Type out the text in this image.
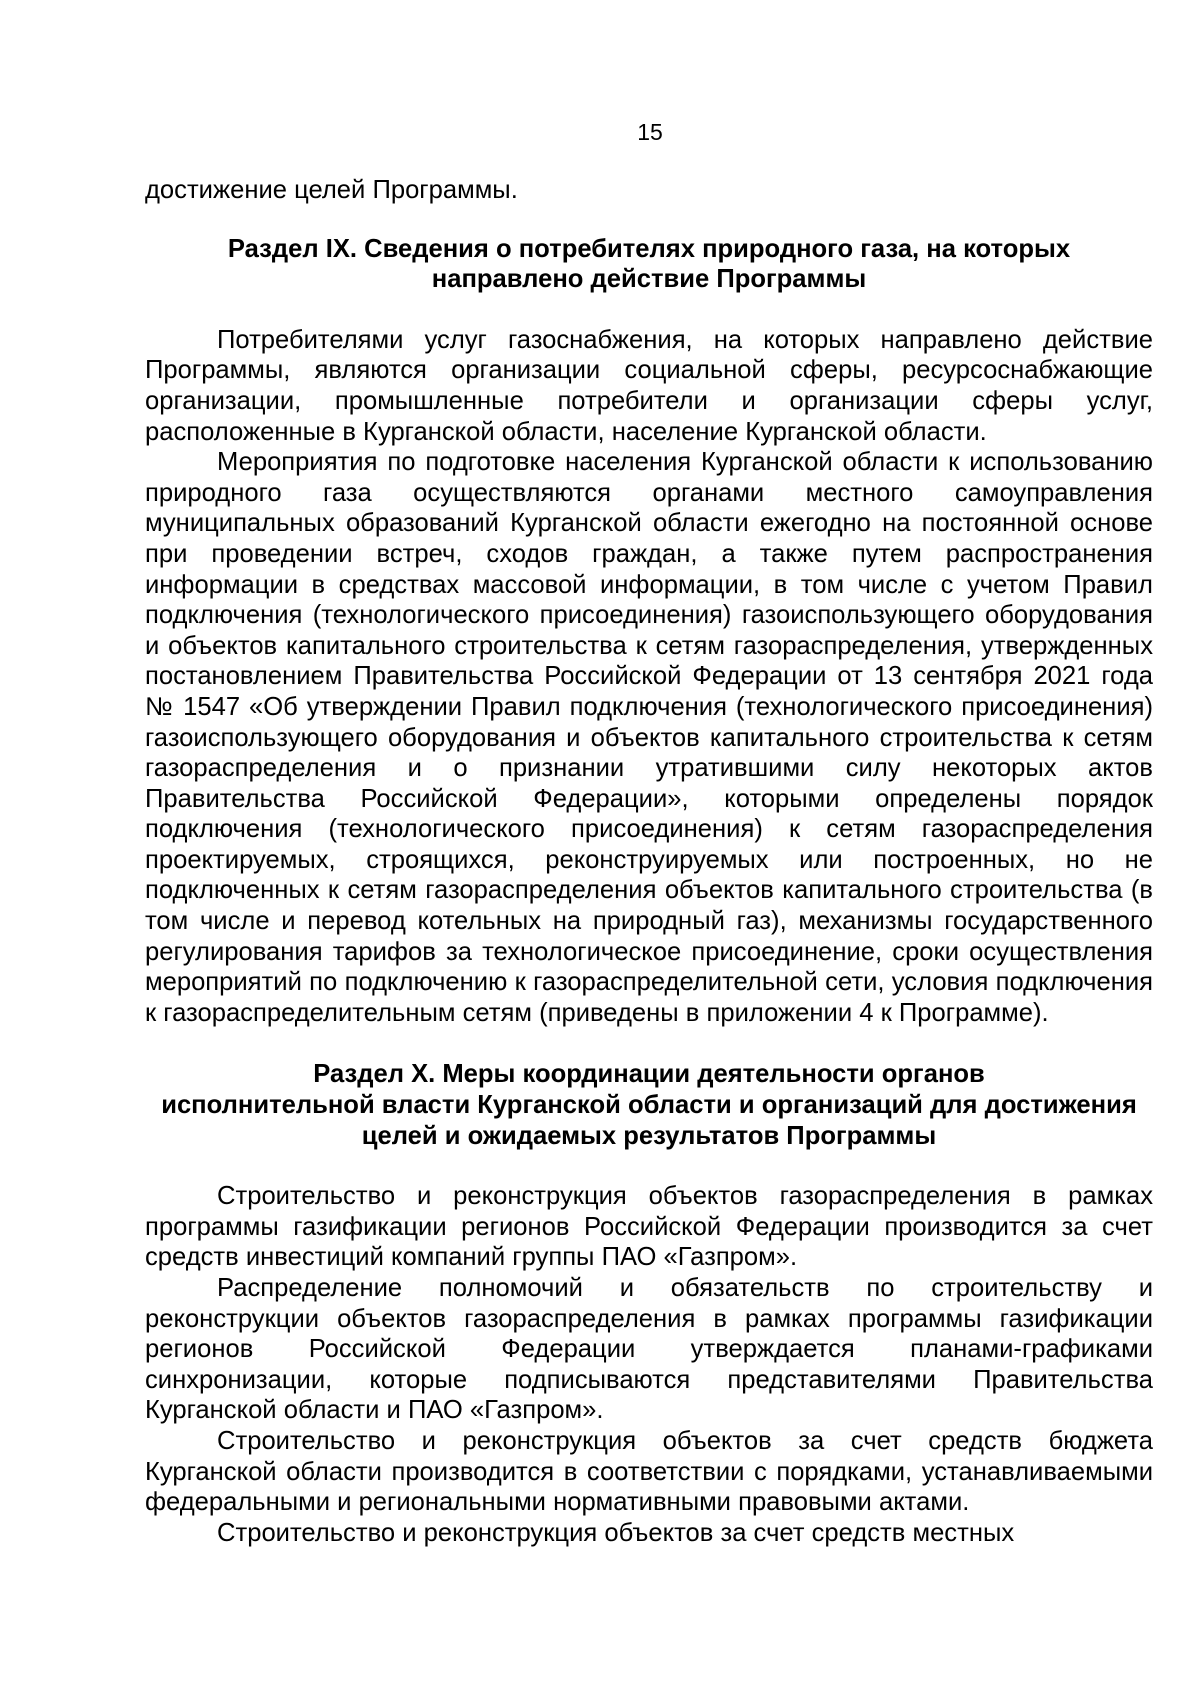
15

достижение целей Программы.

Раздел IX. Сведения о потребителях природного газа, на которых
направлено действие Программы

Потребителями услуг газоснабжения, на которых направлено действие Программы, являются организации социальной сферы, ресурсоснабжающие организации, промышленные потребители и организации сферы услуг, расположенные в Курганской области, население Курганской области.

Мероприятия по подготовке населения Курганской области к использованию природного газа осуществляются органами местного самоуправления муниципальных образований Курганской области ежегодно на постоянной основе при проведении встреч, сходов граждан, а также путем распространения информации в средствах массовой информации, в том числе с учетом Правил подключения (технологического присоединения) газоиспользующего оборудования и объектов капитального строительства к сетям газораспределения, утвержденных постановлением Правительства Российской Федерации от 13 сентября 2021 года № 1547 «Об утверждении Правил подключения (технологического присоединения) газоиспользующего оборудования и объектов капитального строительства к сетям газораспределения и о признании утратившими силу некоторых актов Правительства Российской Федерации», которыми определены порядок подключения (технологического присоединения) к сетям газораспределения проектируемых, строящихся, реконструируемых или построенных, но не подключенных к сетям газораспределения объектов капитального строительства (в том числе и перевод котельных на природный газ), механизмы государственного регулирования тарифов за технологическое присоединение, сроки осуществления мероприятий по подключению к газораспределительной сети, условия подключения к газораспределительным сетям (приведены в приложении 4 к Программе).

Раздел X. Меры координации деятельности органов
исполнительной власти Курганской области и организаций для достижения
целей и ожидаемых результатов Программы

Строительство и реконструкция объектов газораспределения в рамках программы газификации регионов Российской Федерации производится за счет средств инвестиций компаний группы ПАО «Газпром».

Распределение полномочий и обязательств по строительству и реконструкции объектов газораспределения в рамках программы газификации регионов Российской Федерации утверждается планами-графиками синхронизации, которые подписываются представителями Правительства Курганской области и ПАО «Газпром».

Строительство и реконструкция объектов за счет средств бюджета Курганской области производится в соответствии с порядками, устанавливаемыми федеральными и региональными нормативными правовыми актами.

Строительство и реконструкция объектов за счет средств местных
